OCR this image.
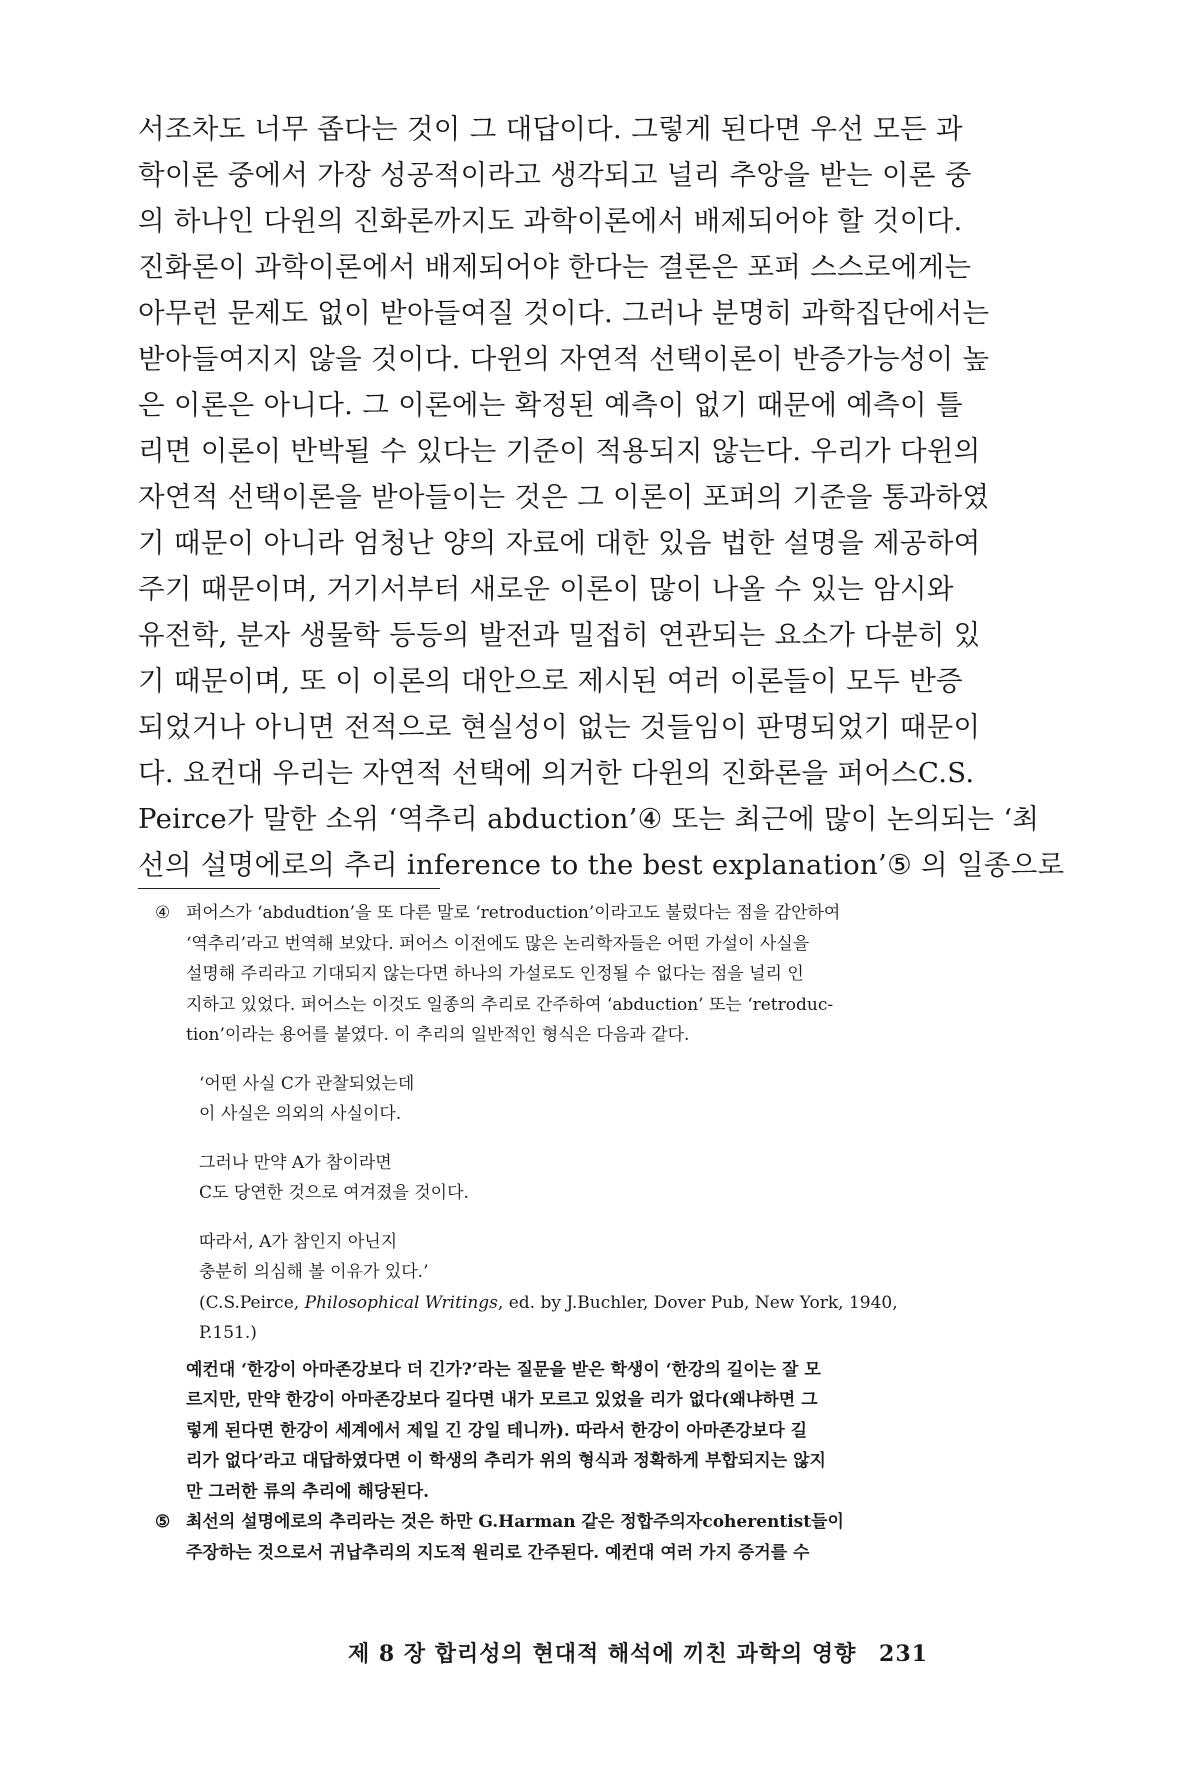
서조차도 너무 좁다는 것이 그 대답이다. 그렇게 된다면 우선 모든 과
학이론 중에서 가장 성공적이라고 생각되고 널리 추앙을 받는 이론 중
의 하나인 다윈의 진화론까지도 과학이론에서 배제되어야 할 것이다.
진화론이 과학이론에서 배제되어야 한다는 결론은 포퍼 스스로에게는
아무런 문제도 없이 받아들여질 것이다. 그러나 분명히 과학집단에서는
받아들여지지 않을 것이다. 다윈의 자연적 선택이론이 반증가능성이 높
은 이론은 아니다. 그 이론에는 확정된 예측이 없기 때문에 예측이 틀
리면 이론이 반박될 수 있다는 기준이 적용되지 않는다. 우리가 다윈의
자연적 선택이론을 받아들이는 것은 그 이론이 포퍼의 기준을 통과하였
기 때문이 아니라 엄청난 양의 자료에 대한 있음 법한 설명을 제공하여
주기 때문이며, 거기서부터 새로운 이론이 많이 나올 수 있는 암시와
유전학, 분자 생물학 등등의 발전과 밀접히 연관되는 요소가 다분히 있
기 때문이며, 또 이 이론의 대안으로 제시된 여러 이론들이 모두 반증
되었거나 아니면 전적으로 현실성이 없는 것들임이 판명되었기 때문이
다. 요컨대 우리는 자연적 선택에 의거한 다윈의 진화론을 퍼어스C.S.
Peirce가 말한 소위 ‘역추리 abduction’④ 또는 최근에 많이 논의되는 ‘최
선의 설명에로의 추리 inference to the best explanation’⑤ 의 일종으로
④ 퍼어스가 ‘abdudtion’을 또 다른 말로 ‘retroduction’이라고도 불렀다는 점을 감안하여
‘역추리’라고 번역해 보았다. 퍼어스 이전에도 많은 논리학자들은 어떤 가설이 사실을
설명해 주리라고 기대되지 않는다면 하나의 가설로도 인정될 수 없다는 점을 널리 인
지하고 있었다. 퍼어스는 이것도 일종의 추리로 간주하여 ‘abduction’ 또는 ‘retroduc-
tion’이라는 용어를 붙였다. 이 추리의 일반적인 형식은 다음과 같다.
‘어떤 사실 C가 관찰되었는데
이 사실은 의외의 사실이다.
그러나 만약 A가 참이라면
C도 당연한 것으로 여겨졌을 것이다.
따라서, A가 참인지 아닌지
충분히 의심해 볼 이유가 있다.’
(C.S.Peirce, Philosophical Writings, ed. by J.Buchler, Dover Pub, New York, 1940,
P.151.)
예컨대 ‘한강이 아마존강보다 더 긴가?’라는 질문을 받은 학생이 ‘한강의 길이는 잘 모
르지만, 만약 한강이 아마존강보다 길다면 내가 모르고 있었을 리가 없다(왜냐하면 그
렇게 된다면 한강이 세계에서 제일 긴 강일 테니까). 따라서 한강이 아마존강보다 길
리가 없다’라고 대답하였다면 이 학생의 추리가 위의 형식과 정확하게 부합되지는 않지
만 그러한 류의 추리에 해당된다.
⑤ 최선의 설명에로의 추리라는 것은 하만 G.Harman 같은 정합주의자coherentist들이
주장하는 것으로서 귀납추리의 지도적 원리로 간주된다. 예컨대 여러 가지 증거를 수
제 8 장 합리성의 현대적 해석에 끼친 과학의 영향 231
